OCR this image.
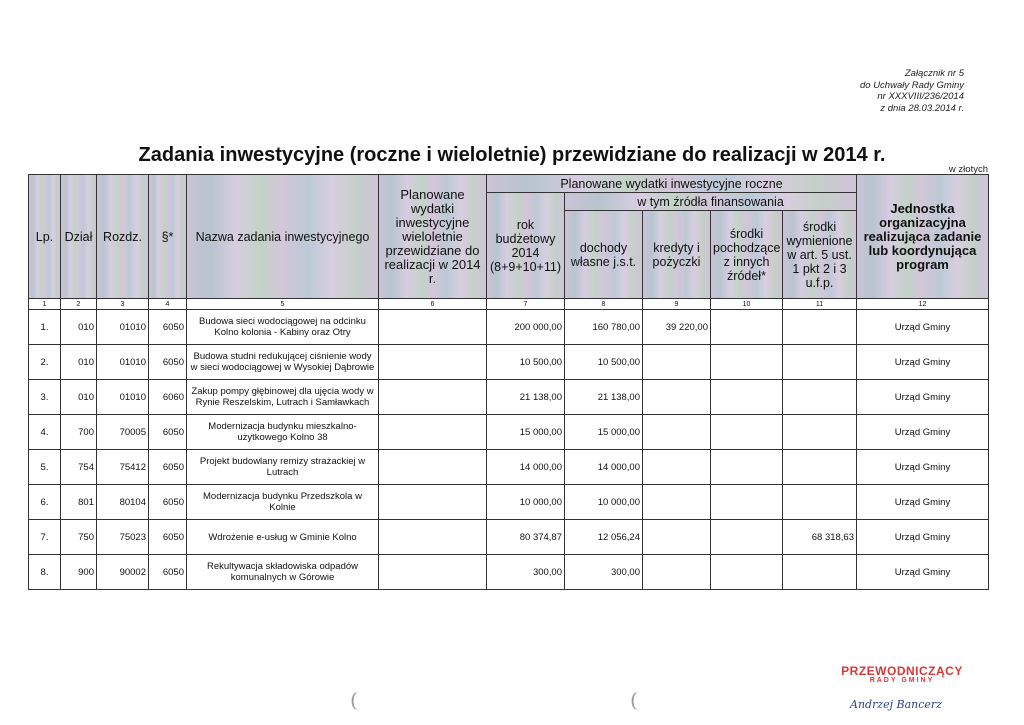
Załącznik nr 5
do Uchwały Rady Gminy
nr XXXVIII/236/2014
z dnia 28.03.2014 r.
Zadania inwestycyjne (roczne i wieloletnie) przewidziane do realizacji w 2014 r.
w złotych
Lp.	Dział	Rozdz.	§*	Nazwa zadania inwestycyjnego	Planowane wydatki inwestycyjne wieloletnie przewidziane do realizacji w 2014 r.	Planowane wydatki inwestycyjne roczne					Jednostka organizacyjna realizująca zadanie lub koordynująca program
						rok budżetowy 2014 (8+9+10+11)	w tym źródła finansowania				
							dochody własne j.s.t.	kredyty i pożyczki	środki pochodzące z innych źródeł*	środki wymienione w art. 5 ust. 1 pkt 2 i 3 u.f.p.	
1	2	3	4	5	6	7	8	9	10	11	12
1.	010	01010	6050	Budowa sieci wodociągowej na odcinku Kolno kolonia - Kabiny oraz Otry		200 000,00	160 780,00	39 220,00			Urząd Gminy
2.	010	01010	6050	Budowa studni redukującej ciśnienie wody w sieci wodociągowej w Wysokiej Dąbrowie		10 500,00	10 500,00				Urząd Gminy
3.	010	01010	6060	Zakup pompy głębinowej dla ujęcia wody w Rynie Reszelskim, Lutrach i Samławkach		21 138,00	21 138,00				Urząd Gminy
4.	700	70005	6050	Modernizacja budynku mieszkalno-użytkowego Kolno 38		15 000,00	15 000,00				Urząd Gminy
5.	754	75412	6050	Projekt budowlany remizy strażackiej w Lutrach		14 000,00	14 000,00				Urząd Gminy
6.	801	80104	6050	Modernizacja budynku Przedszkola w Kolnie		10 000,00	10 000,00				Urząd Gminy
7.	750	75023	6050	Wdrożenie e-usług w Gminie Kolno		80 374,87	12 056,24			68 318,63	Urząd Gminy
8.	900	90002	6050	Rekultywacja składowiska odpadów komunalnych w Górowie		300,00	300,00				Urząd Gminy
PRZEWODNICZĄCY
RADY GMINY
Andrzej Bancerz
(	(
